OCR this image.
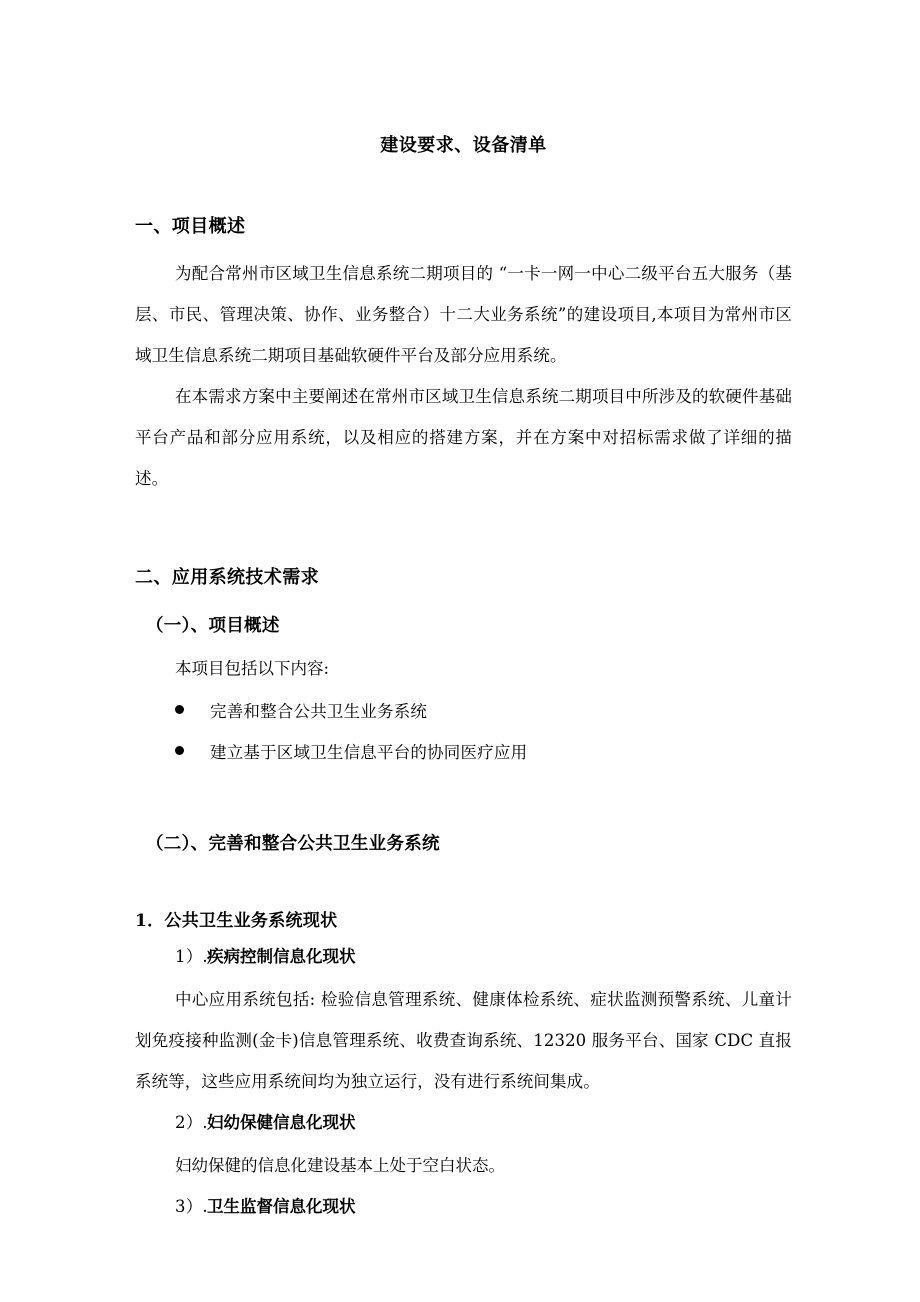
建设要求、设备清单
一、项目概述

为配合常州市区域卫生信息系统二期项目的 “一卡一网一中心二级平台五大服务（基层、市民、管理决策、协作、业务整合）十二大业务系统”的建设项目,本项目为常州市区域卫生信息系统二期项目基础软硬件平台及部分应用系统。

在本需求方案中主要阐述在常州市区域卫生信息系统二期项目中所涉及的软硬件基础平台产品和部分应用系统，以及相应的搭建方案，并在方案中对招标需求做了详细的描述。

二、应用系统技术需求
（一）、项目概述

本项目包括以下内容:

完善和整合公共卫生业务系统
建立基于区域卫生信息平台的协同医疗应用
（二）、完善和整合公共卫生业务系统
1．公共卫生业务系统现状
1）.疾病控制信息化现状

中心应用系统包括: 检验信息管理系统、健康体检系统、症状监测预警系统、儿童计划免疫接种监测(金卡)信息管理系统、收费查询系统、12320 服务平台、国家 CDC 直报系统等，这些应用系统间均为独立运行，没有进行系统间集成。

2）.妇幼保健信息化现状

妇幼保健的信息化建设基本上处于空白状态。

3）.卫生监督信息化现状
